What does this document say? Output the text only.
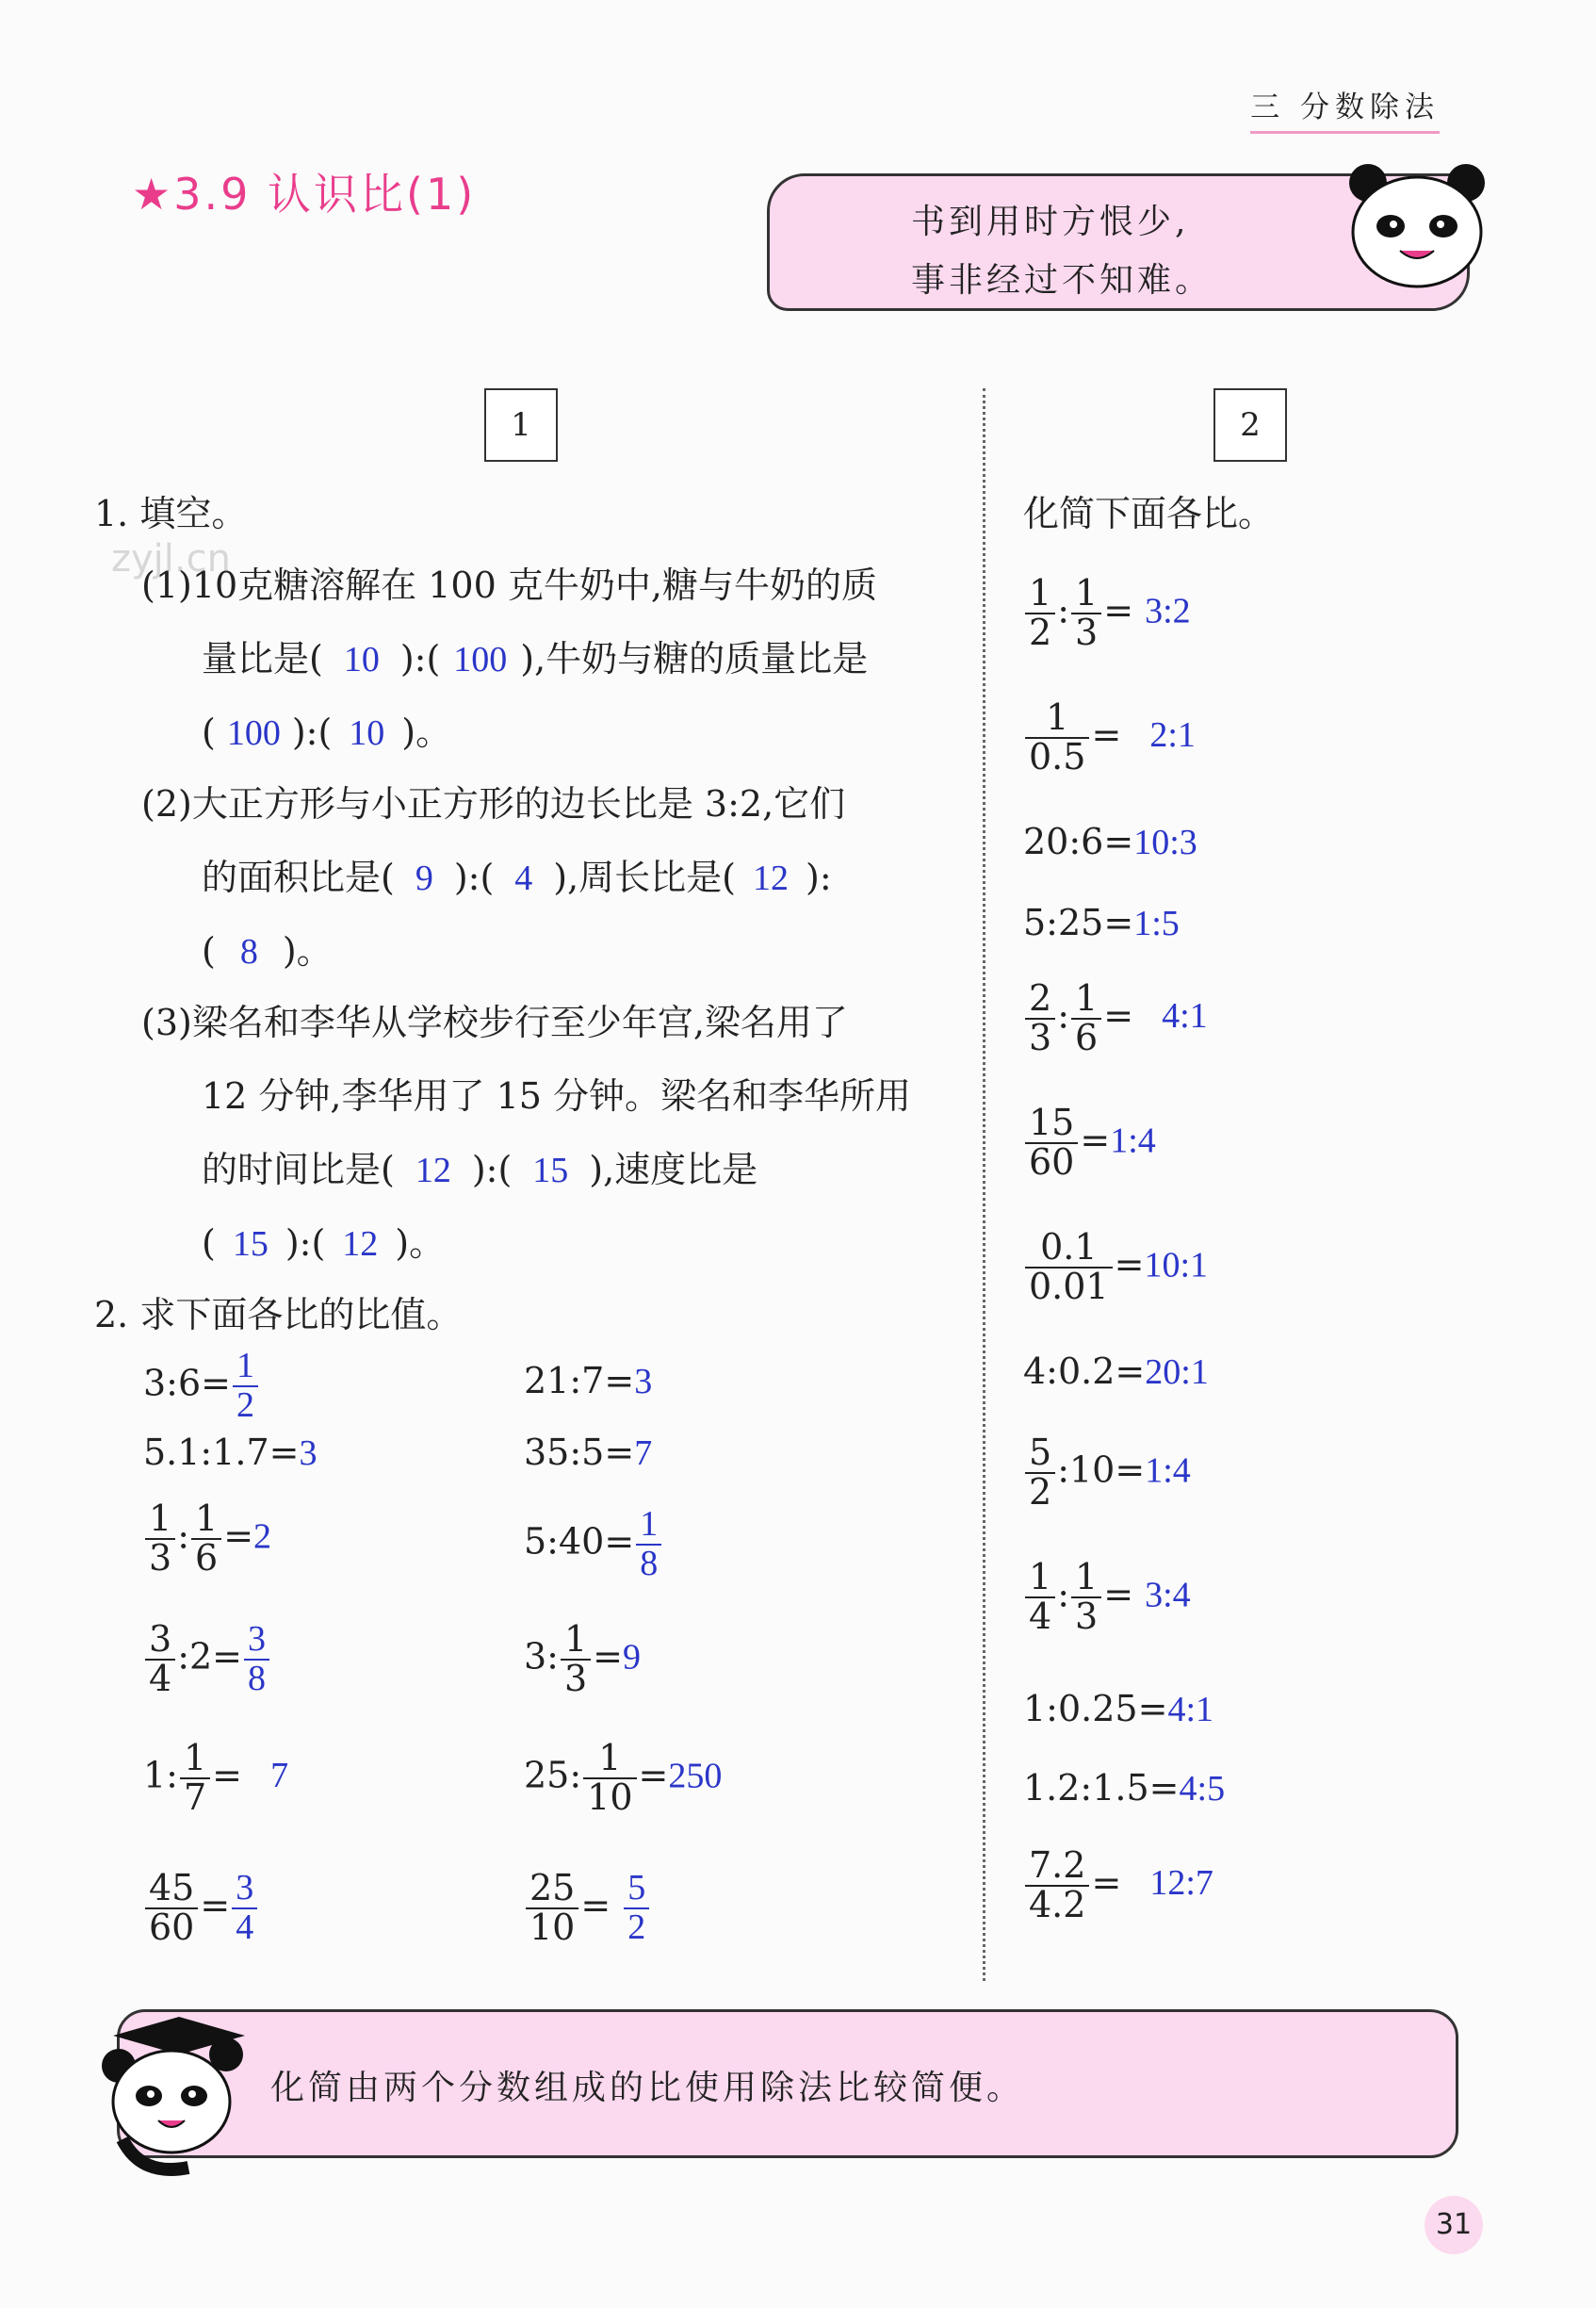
三 分数除法
★3.9 认识比(1)
书到用时方恨少,
事非经过不知难。
zyjl.cn
1	2
1. 填空。
(1)10克糖溶解在 100 克牛奶中,糖与牛奶的质
量比是( 10 ):( 100 ),牛奶与糖的质量比是
( 100 ):( 10 )。
(2)大正方形与小正方形的边长比是 3:2,它们
的面积比是( 9 ):( 4 ),周长比是( 12 ):
( 8 )。
(3)梁名和李华从学校步行至少年宫,梁名用了
12 分钟,李华用了 15 分钟。梁名和李华所用
的时间比是( 12 ):( 15 ),速度比是
( 15 ):( 12 )。
2. 求下面各比的比值。
3:6= $\frac{1}{2}$	21:7=3
5.1:1.7=3	35:5=7
$\frac{1}{3}$ : $\frac{1}{6} =2$	5:40= $\frac{1}{8}$
$\frac{3}{4}$ :2= $\frac{3}{8}$	3: $\frac{1}{3} =9$
1: $\frac{1}{7} = 7$	25: $\frac{1}{10} =250$
$\frac{45}{60} = \frac{3}{4}$	$\frac{25}{10} = \frac{5}{2}$
化简下面各比。
$\frac{1}{2}$ : $\frac{1}{3}$ = 3:2
$\frac{1}{0.5}$ = 2:1
20:6=10:3
5:25=1:5
$\frac{2}{3}$ : $\frac{1}{6}$ = 4:1
$\frac{15}{60}$ =1:4
$\frac{0.1}{0.01}$ =10:1
4:0.2=20:1
$\frac{5}{2}$ :10=1:4
$\frac{1}{4}$ : $\frac{1}{3}$ = 3:4
1:0.25=4:1
1.2:1.5=4:5
$\frac{7.2}{4.2}$ = 12:7
化简由两个分数组成的比使用除法比较简便。
31
